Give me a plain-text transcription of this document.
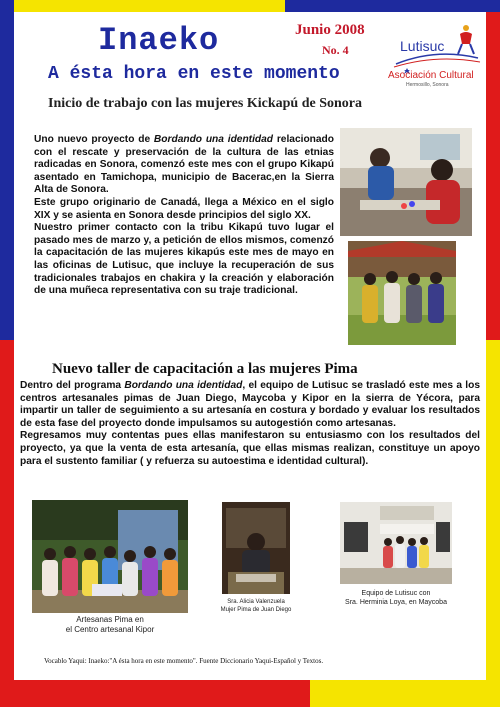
Inaeko
A ésta hora en este momento
Junio 2008
No. 4	Lutisuc
Asociación Cultural
Hermosillo, Sonora
Inicio de trabajo con las mujeres Kickapú de Sonora

Uno nuevo proyecto de Bordando una identidad relacionado con el rescate y preservación de la cultura de las etnias radicadas en Sonora, comenzó este mes con el grupo Kikapú asentado en Tamichopa, municipio de Bacerac,en la Sierra Alta de Sonora.

Este grupo originario de Canadá, llega a México en el siglo XIX y se asienta en Sonora desde principios del siglo XX.

Nuestro primer contacto con la tribu Kikapú tuvo lugar el pasado mes de marzo y, a petición de ellos mismos, comenzó la capacitación de las mujeres kikapús este mes de mayo en las oficinas de Lutisuc, que incluye la recuperación de sus tradicionales trabajos en chakira y la creación y elaboración de una muñeca representativa con su traje tradicional.

Nuevo taller de capacitación a las mujeres Pima

Dentro del programa Bordando una identidad, el equipo de Lutisuc se trasladó este mes a los centros artesanales pimas de Juan Diego, Maycoba y Kipor en la sierra de Yécora, para impartir un taller de seguimiento a su artesanía en costura y bordado y evaluar los resultados de esta fase del proyecto donde impulsamos su autogestión como artesanas.

Regresamos muy contentas pues ellas manifestaron su entusiasmo con los resultados del proyecto, ya que la venta de esta artesanía, que ellas mismas realizan, constituye un apoyo para el sustento familiar ( y refuerza su autoestima e identidad cultural).

Artesanas Pima en
el Centro artesanal Kipor
Sra. Alicia Valenzuela
Mujer Pima de Juan Diego
Equipo de Lutisuc con
Sra. Herminia Loya, en Maycoba
Vocablo Yaqui: Inaeko:"A ésta hora en este momento". Fuente Diccionario Yaqui-Español y Textos.
